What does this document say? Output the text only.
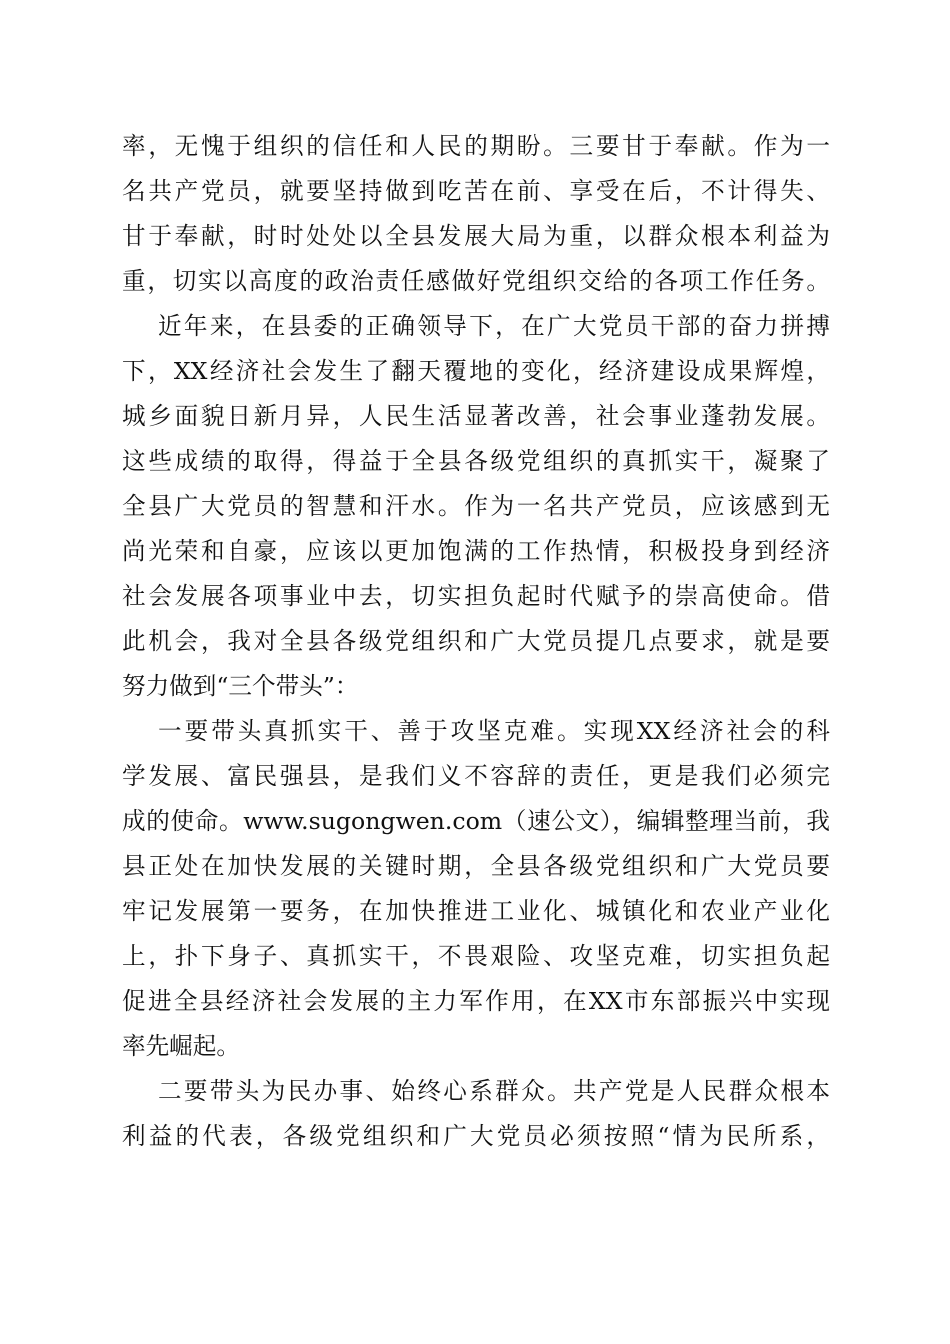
率，无愧于组织的信任和人民的期盼。三要甘于奉献。作为一
名共产党员，就要坚持做到吃苦在前、享受在后，不计得失、
甘于奉献，时时处处以全县发展大局为重，以群众根本利益为
重，切实以高度的政治责任感做好党组织交给的各项工作任务。
近年来，在县委的正确领导下，在广大党员干部的奋力拼搏
下，XX经济社会发生了翻天覆地的变化，经济建设成果辉煌，
城乡面貌日新月异，人民生活显著改善，社会事业蓬勃发展。
这些成绩的取得，得益于全县各级党组织的真抓实干，凝聚了
全县广大党员的智慧和汗水。作为一名共产党员，应该感到无
尚光荣和自豪，应该以更加饱满的工作热情，积极投身到经济
社会发展各项事业中去，切实担负起时代赋予的崇高使命。借
此机会，我对全县各级党组织和广大党员提几点要求，就是要
努力做到“三个带头”：
一要带头真抓实干、善于攻坚克难。实现XX经济社会的科
学发展、富民强县，是我们义不容辞的责任，更是我们必须完
成的使命。www.sugongwen.com（速公文），编辑整理当前，我
县正处在加快发展的关键时期，全县各级党组织和广大党员要
牢记发展第一要务，在加快推进工业化、城镇化和农业产业化
上，扑下身子、真抓实干，不畏艰险、攻坚克难，切实担负起
促进全县经济社会发展的主力军作用，在XX市东部振兴中实现
率先崛起。
二要带头为民办事、始终心系群众。共产党是人民群众根本
利益的代表，各级党组织和广大党员必须按照“情为民所系，
